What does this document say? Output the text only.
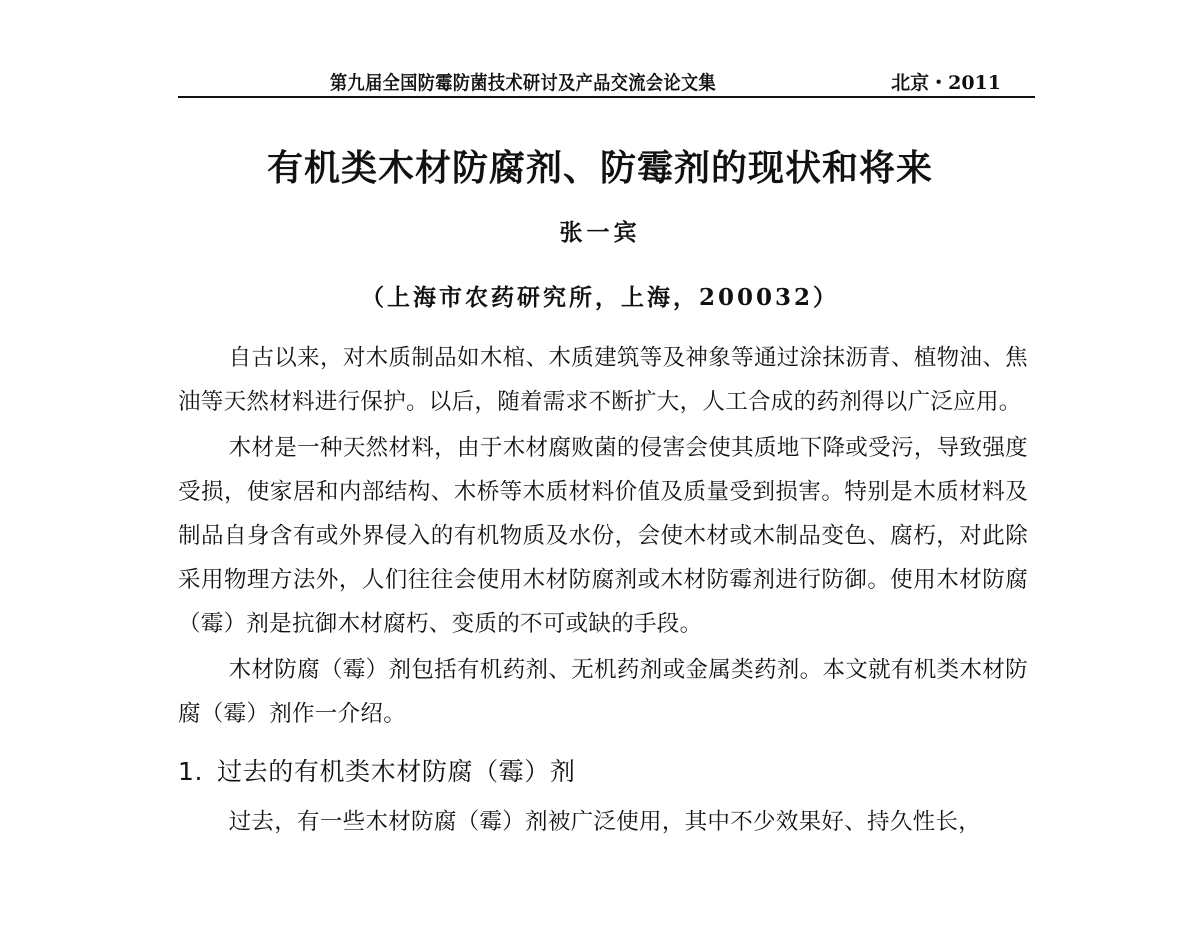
第九届全国防霉防菌技术研讨及产品交流会论文集	北京・2011
有机类木材防腐剂、防霉剂的现状和将来
张一宾
（上海市农药研究所，上海，200032）

自古以来，对木质制品如木棺、木质建筑等及神象等通过涂抹沥青、植物油、焦油等天然材料进行保护。以后，随着需求不断扩大，人工合成的药剂得以广泛应用。

木材是一种天然材料，由于木材腐败菌的侵害会使其质地下降或受污，导致强度受损，使家居和内部结构、木桥等木质材料价值及质量受到损害。特别是木质材料及制品自身含有或外界侵入的有机物质及水份，会使木材或木制品变色、腐朽，对此除采用物理方法外，人们往往会使用木材防腐剂或木材防霉剂进行防御。使用木材防腐（霉）剂是抗御木材腐朽、变质的不可或缺的手段。

木材防腐（霉）剂包括有机药剂、无机药剂或金属类药剂。本文就有机类木材防腐（霉）剂作一介绍。

1. 过去的有机类木材防腐（霉）剂

过去，有一些木材防腐（霉）剂被广泛使用，其中不少效果好、持久性长，
